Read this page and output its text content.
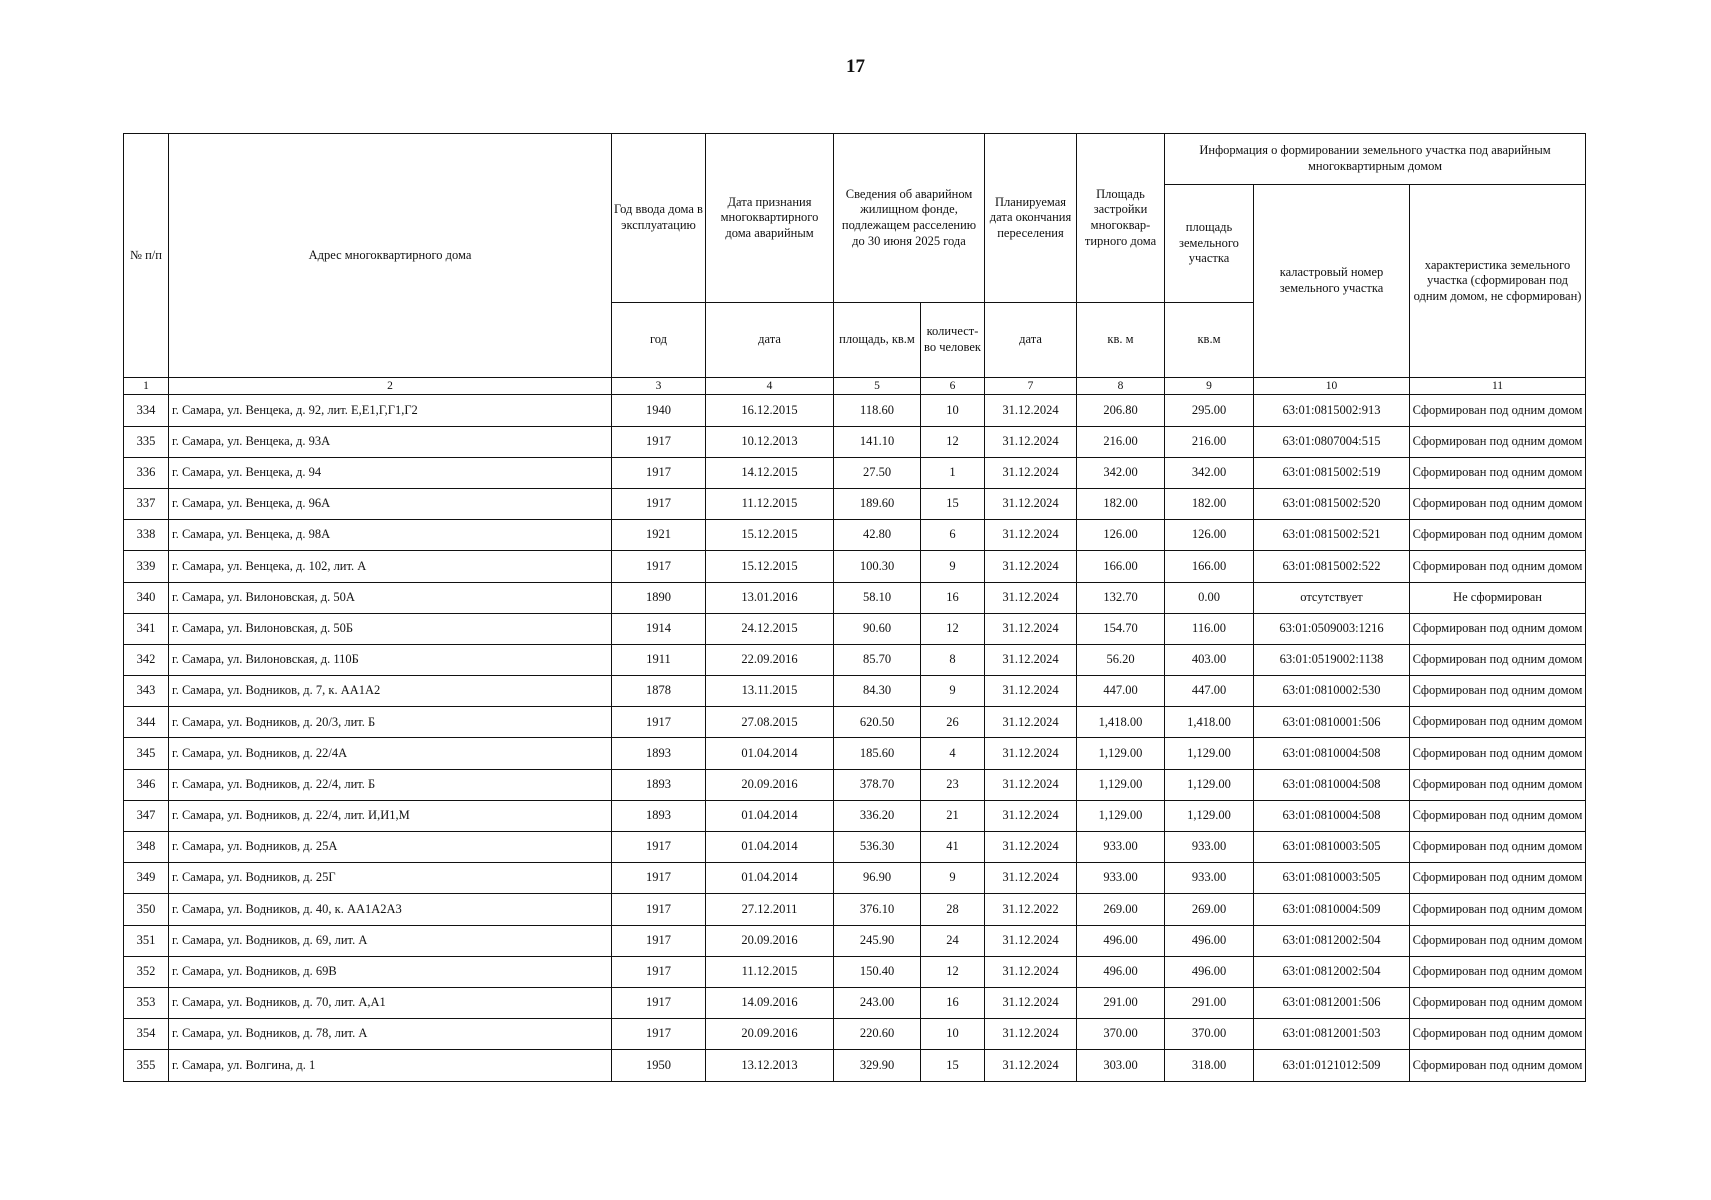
17
№ п/п	Адрес многоквартирного дома	Год ввода дома в эксплуатацию	Дата признания многоквартирного дома аварийным	Сведения об аварийном жилищном фонде, подлежащем расселению до 30 июня 2025 года		Планируемая дата окончания переселения	Площадь застройки многоквар-тирного дома	Информация о формировании земельного участка под аварийным многоквартирным домом		
								площадь земельного участка	каластровый номер земельного участка	характеристика земельного участка (сформирован под одним домом, не сформирован)
		год	дата	площадь, кв.м	количест-во человек	дата	кв. м	кв.м		
1	2	3	4	5	6	7	8	9	10	11
334	г. Самара, ул. Венцека, д. 92, лит. Е,Е1,Г,Г1,Г2	1940	16.12.2015	118.60	10	31.12.2024	206.80	295.00	63:01:0815002:913	Сформирован под одним домом
335	г. Самара, ул. Венцека, д. 93А	1917	10.12.2013	141.10	12	31.12.2024	216.00	216.00	63:01:0807004:515	Сформирован под одним домом
336	г. Самара, ул. Венцека, д. 94	1917	14.12.2015	27.50	1	31.12.2024	342.00	342.00	63:01:0815002:519	Сформирован под одним домом
337	г. Самара, ул. Венцека, д. 96А	1917	11.12.2015	189.60	15	31.12.2024	182.00	182.00	63:01:0815002:520	Сформирован под одним домом
338	г. Самара, ул. Венцека, д. 98А	1921	15.12.2015	42.80	6	31.12.2024	126.00	126.00	63:01:0815002:521	Сформирован под одним домом
339	г. Самара, ул. Венцека, д. 102, лит. А	1917	15.12.2015	100.30	9	31.12.2024	166.00	166.00	63:01:0815002:522	Сформирован под одним домом
340	г. Самара, ул. Вилоновская, д. 50А	1890	13.01.2016	58.10	16	31.12.2024	132.70	0.00	отсутствует	Не сформирован
341	г. Самара, ул. Вилоновская, д. 50Б	1914	24.12.2015	90.60	12	31.12.2024	154.70	116.00	63:01:0509003:1216	Сформирован под одним домом
342	г. Самара, ул. Вилоновская, д. 110Б	1911	22.09.2016	85.70	8	31.12.2024	56.20	403.00	63:01:0519002:1138	Сформирован под одним домом
343	г. Самара, ул. Водников, д. 7, к. АА1А2	1878	13.11.2015	84.30	9	31.12.2024	447.00	447.00	63:01:0810002:530	Сформирован под одним домом
344	г. Самара, ул. Водников, д. 20/3, лит. Б	1917	27.08.2015	620.50	26	31.12.2024	1,418.00	1,418.00	63:01:0810001:506	Сформирован под одним домом
345	г. Самара, ул. Водников, д. 22/4А	1893	01.04.2014	185.60	4	31.12.2024	1,129.00	1,129.00	63:01:0810004:508	Сформирован под одним домом
346	г. Самара, ул. Водников, д. 22/4, лит. Б	1893	20.09.2016	378.70	23	31.12.2024	1,129.00	1,129.00	63:01:0810004:508	Сформирован под одним домом
347	г. Самара, ул. Водников, д. 22/4, лит. И,И1,М	1893	01.04.2014	336.20	21	31.12.2024	1,129.00	1,129.00	63:01:0810004:508	Сформирован под одним домом
348	г. Самара, ул. Водников, д. 25А	1917	01.04.2014	536.30	41	31.12.2024	933.00	933.00	63:01:0810003:505	Сформирован под одним домом
349	г. Самара, ул. Водников, д. 25Г	1917	01.04.2014	96.90	9	31.12.2024	933.00	933.00	63:01:0810003:505	Сформирован под одним домом
350	г. Самара, ул. Водников, д. 40, к. АА1А2А3	1917	27.12.2011	376.10	28	31.12.2022	269.00	269.00	63:01:0810004:509	Сформирован под одним домом
351	г. Самара, ул. Водников, д. 69, лит. А	1917	20.09.2016	245.90	24	31.12.2024	496.00	496.00	63:01:0812002:504	Сформирован под одним домом
352	г. Самара, ул. Водников, д. 69В	1917	11.12.2015	150.40	12	31.12.2024	496.00	496.00	63:01:0812002:504	Сформирован под одним домом
353	г. Самара, ул. Водников, д. 70, лит. А,А1	1917	14.09.2016	243.00	16	31.12.2024	291.00	291.00	63:01:0812001:506	Сформирован под одним домом
354	г. Самара, ул. Водников, д. 78, лит. А	1917	20.09.2016	220.60	10	31.12.2024	370.00	370.00	63:01:0812001:503	Сформирован под одним домом
355	г. Самара, ул. Волгина, д. 1	1950	13.12.2013	329.90	15	31.12.2024	303.00	318.00	63:01:0121012:509	Сформирован под одним домом
